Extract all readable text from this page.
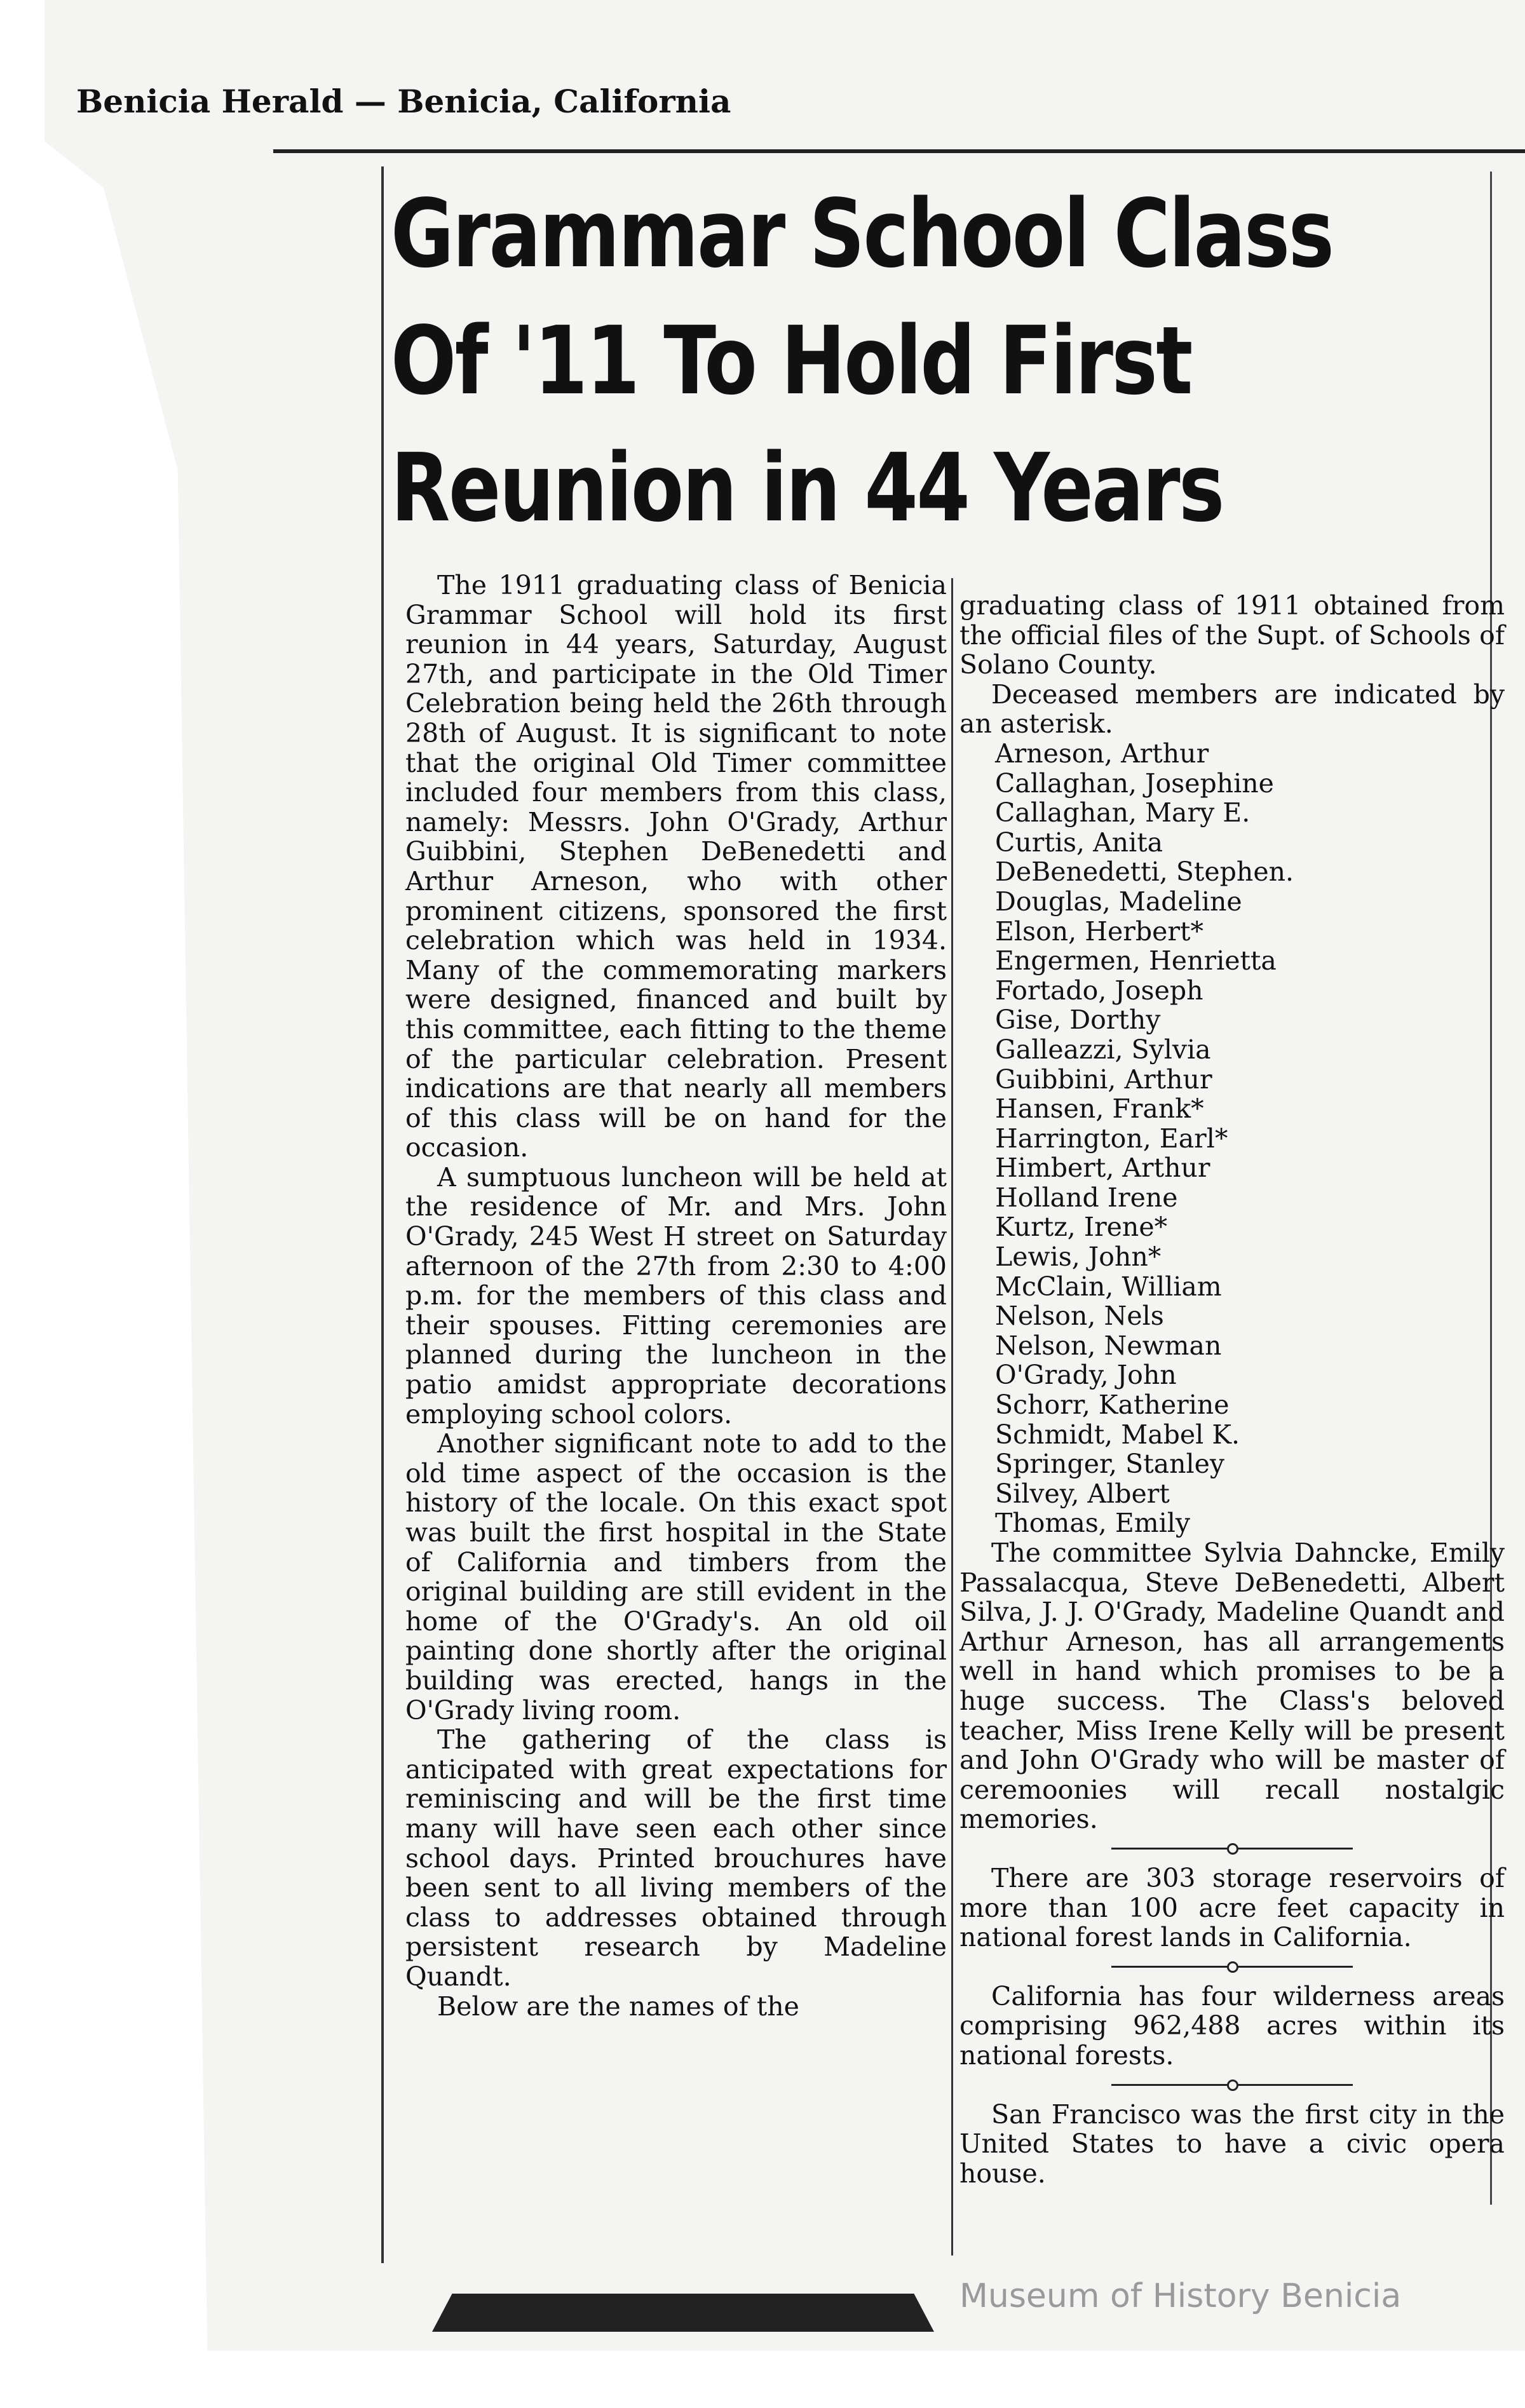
Benicia Herald — Benicia, California
Grammar School Class
Of '11 To Hold First
Reunion in 44 Years

The 1911 graduating class of Benicia Grammar School will hold its first reunion in 44 years, Saturday, August 27th, and participate in the Old Timer Celebration being held the 26th through 28th of August. It is significant to note that the original Old Timer committee included four members from this class, namely: Messrs. John O'Grady, Arthur Guibbini, Stephen DeBenedetti and Arthur Arneson, who with other prominent citizens, sponsored the first celebration which was held in 1934. Many of the commemorating markers were designed, financed and built by this committee, each fitting to the theme of the particular celebration. Present indications are that nearly all members of this class will be on hand for the occasion.

A sumptuous luncheon will be held at the residence of Mr. and Mrs. John O'Grady, 245 West H street on Saturday afternoon of the 27th from 2:30 to 4:00 p.m. for the members of this class and their spouses. Fitting ceremonies are planned during the luncheon in the patio amidst appropriate decorations employing school colors.

Another significant note to add to the old time aspect of the occasion is the history of the locale. On this exact spot was built the first hospital in the State of California and timbers from the original building are still evident in the home of the O'Grady's. An old oil painting done shortly after the original building was erected, hangs in the O'Grady living room.

The gathering of the class is anticipated with great expectations for reminiscing and will be the first time many will have seen each other since school days. Printed brouchures have been sent to all living members of the class to addresses obtained through persistent research by Madeline Quandt.

Below are the names of the

graduating class of 1911 obtained from the official files of the Supt. of Schools of Solano County.

Deceased members are indicated by an asterisk.

Arneson, Arthur
Callaghan, Josephine
Callaghan, Mary E.
Curtis, Anita
DeBenedetti, Stephen.
Douglas, Madeline
Elson, Herbert*
Engermen, Henrietta
Fortado, Joseph
Gise, Dorthy
Galleazzi, Sylvia
Guibbini, Arthur
Hansen, Frank*
Harrington, Earl*
Himbert, Arthur
Holland Irene
Kurtz, Irene*
Lewis, John*
McClain, William
Nelson, Nels
Nelson, Newman
O'Grady, John
Schorr, Katherine
Schmidt, Mabel K.
Springer, Stanley
Silvey, Albert
Thomas, Emily

The committee Sylvia Dahncke, Emily Passalacqua, Steve DeBenedetti, Albert Silva, J. J. O'Grady, Madeline Quandt and Arthur Arneson, has all arrangements well in hand which promises to be a huge success. The Class's beloved teacher, Miss Irene Kelly will be present and John O'Grady who will be master of ceremoonies will recall nostalgic memories.

There are 303 storage reservoirs of more than 100 acre feet capacity in national forest lands in California.

California has four wilderness areas comprising 962,488 acres within its national forests.

San Francisco was the first city in the United States to have a civic opera house.

Museum of History Benicia
